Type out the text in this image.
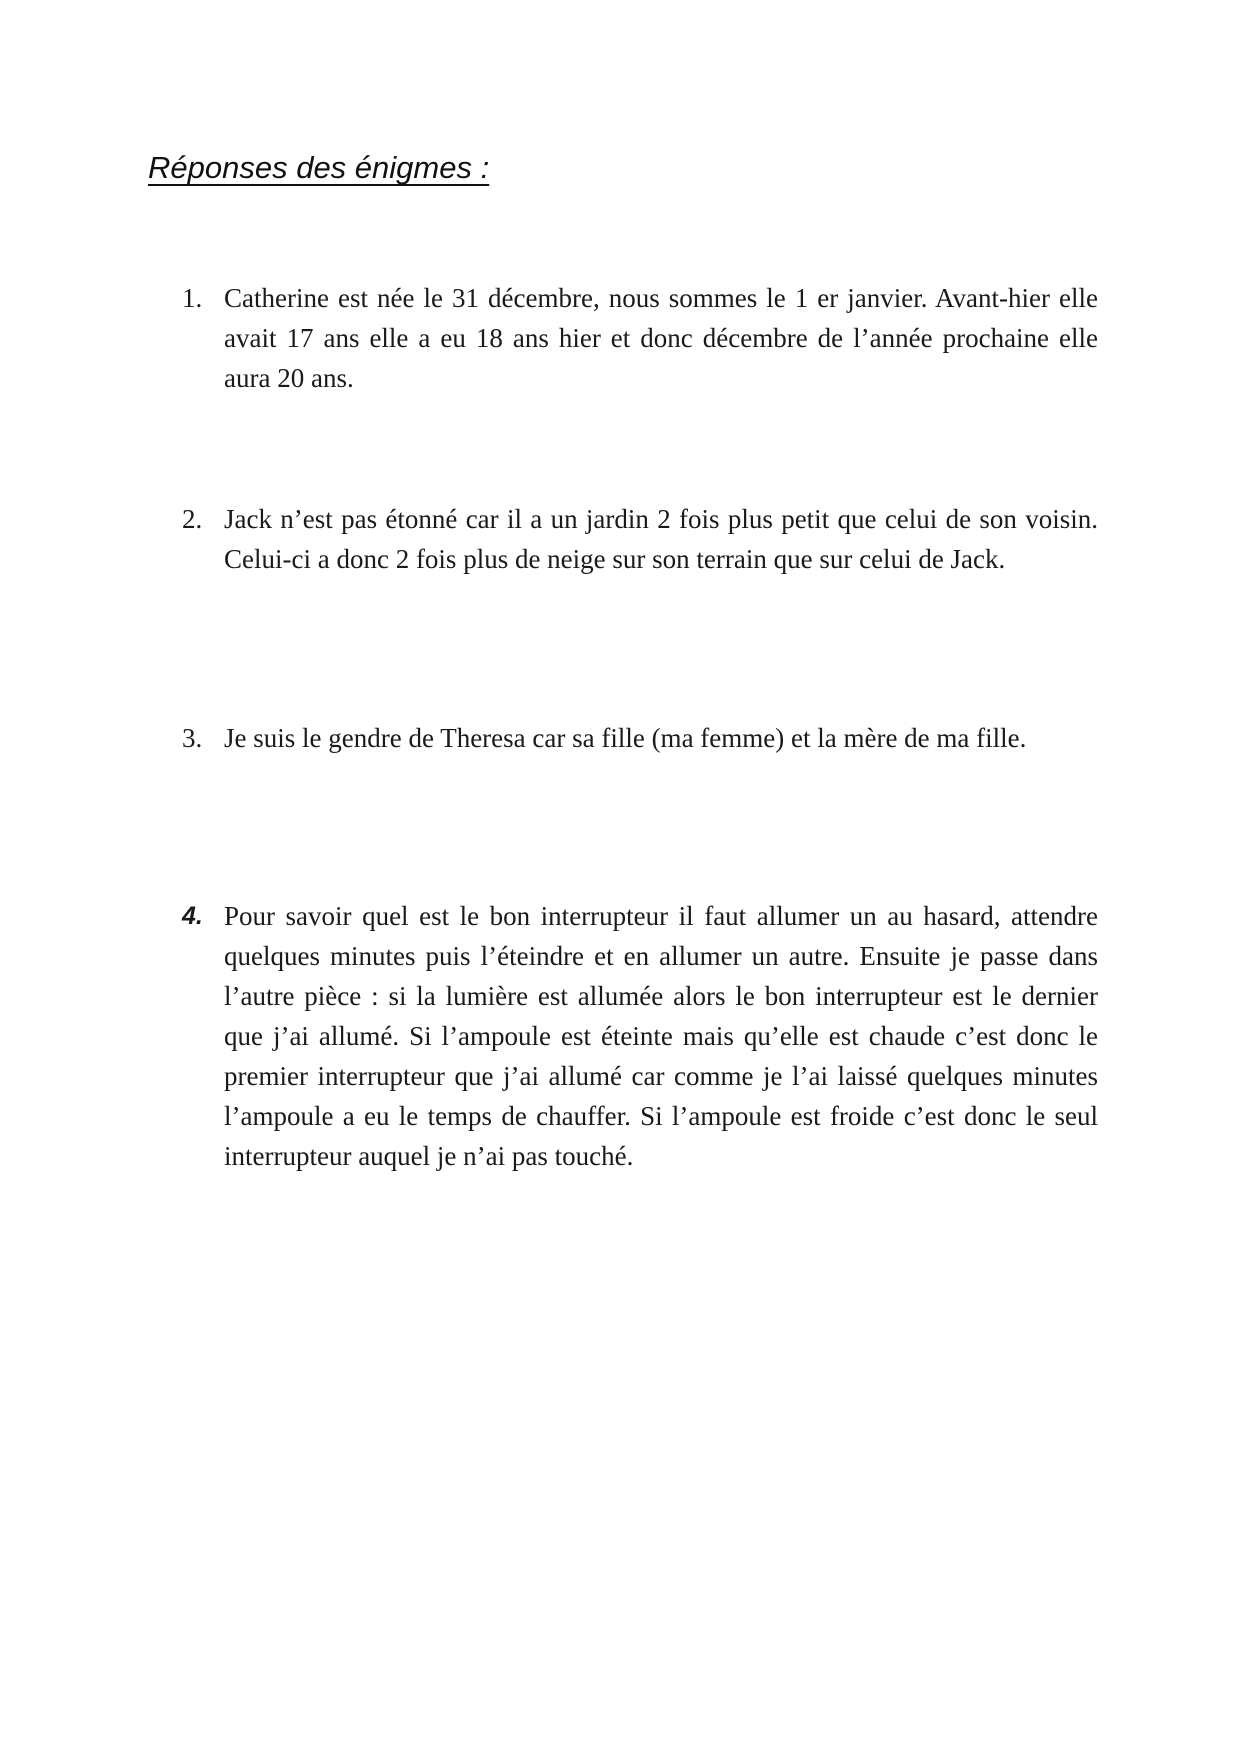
Réponses des énigmes :
1. Catherine est née le 31 décembre, nous sommes le 1 er janvier. Avant-hier elle avait 17 ans elle a eu 18 ans hier et donc décembre de l’année prochaine elle aura 20 ans.

2. Jack n’est pas étonné car il a un jardin 2 fois plus petit que celui de son voisin. Celui-ci a donc 2 fois plus de neige sur son terrain que sur celui de Jack.

3. Je suis le gendre de Theresa car sa fille (ma femme) et la mère de ma fille.

4. Pour savoir quel est le bon interrupteur il faut allumer un au hasard, attendre quelques minutes puis l’éteindre et en allumer un autre. Ensuite je passe dans l’autre pièce : si la lumière est allumée alors le bon interrupteur est le dernier que j’ai allumé. Si l’ampoule est éteinte mais qu’elle est chaude c’est donc le premier interrupteur que j’ai allumé car comme je l’ai laissé quelques minutes l’ampoule a eu le temps de chauffer. Si l’ampoule est froide c’est donc le seul interrupteur auquel je n’ai pas touché.
